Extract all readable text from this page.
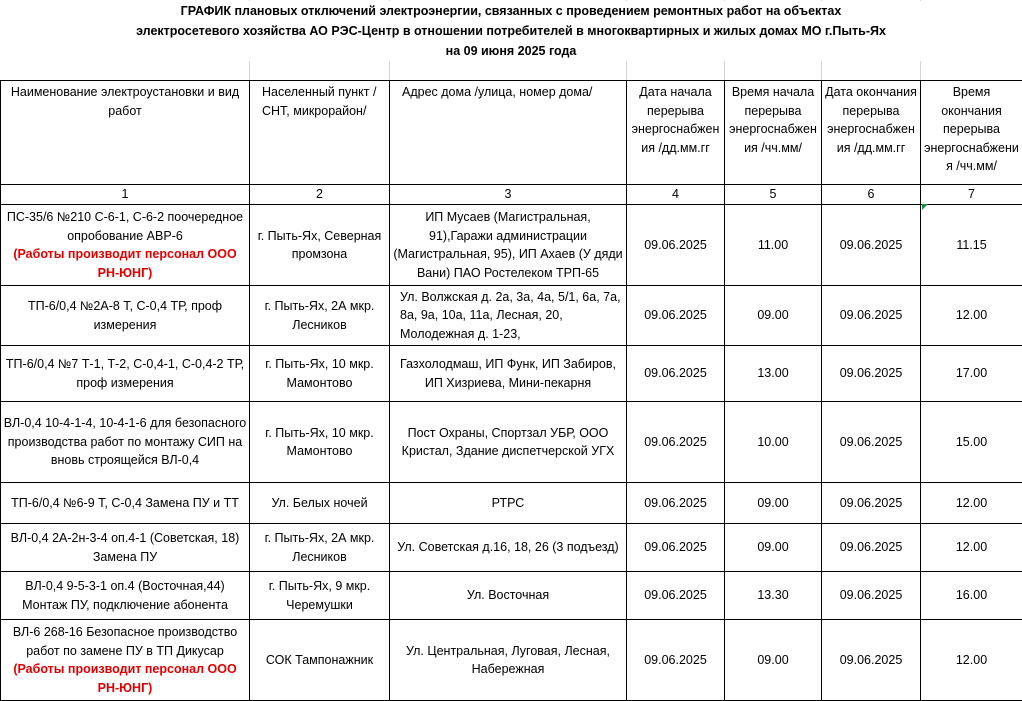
ГРАФИК плановых отключений электроэнергии, связанных с проведением ремонтных работ на объектах
электросетевого хозяйства АО РЭС-Центр в отношении потребителей в многоквартирных и жилых домах МО г.Пыть-Ях
на 09 июня 2025 года
Наименование электроустановки и вид работ	Населенный пункт /СНТ, микрорайон/	Адрес дома /улица, номер дома/	Дата начала перерыва энергоснабжения /дд.мм.гг	Время начала перерыва энергоснабжения /чч.мм/	Дата окончания перерыва энергоснабжения /дд.мм.гг	Время окончания перерыва энергоснабжения /чч.мм/
1	2	3	4	5	6	7
ПС-35/6 №210 С-6-1, С-6-2 поочередное опробование АВР-6
(Работы производит персонал ООО РН-ЮНГ)	г. Пыть-Ях, Северная промзона	ИП Мусаев (Магистральная, 91),Гаражи администрации (Магистральная, 95), ИП Ахаев (У дяди Вани) ПАО Ростелеком ТРП-65	09.06.2025	11.00	09.06.2025	11.15
ТП-6/0,4 №2А-8 Т, С-0,4 ТР, проф измерения	г. Пыть-Ях, 2А мкр. Лесников	Ул. Волжская д. 2а, 3а, 4а, 5/1, 6а, 7а, 8а, 9а, 10а, 11а, Лесная, 20, Молодежная д. 1-23,	09.06.2025	09.00	09.06.2025	12.00
ТП-6/0,4 №7 Т-1, Т-2, С-0,4-1, С-0,4-2 ТР, проф измерения	г. Пыть-Ях, 10 мкр. Мамонтово	Газхолодмаш, ИП Функ, ИП Забиров, ИП Хизриева, Мини-пекарня	09.06.2025	13.00	09.06.2025	17.00
ВЛ-0,4 10-4-1-4, 10-4-1-6 для безопасного производства работ по монтажу СИП на вновь строящейся ВЛ-0,4	г. Пыть-Ях, 10 мкр. Мамонтово	Пост Охраны, Спортзал УБР, ООО Кристал, Здание диспетчерской УГХ	09.06.2025	10.00	09.06.2025	15.00
ТП-6/0,4 №6-9 Т, С-0,4 Замена ПУ и ТТ	Ул. Белых ночей	РТРС	09.06.2025	09.00	09.06.2025	12.00
ВЛ-0,4 2А-2н-3-4 оп.4-1 (Советская, 18) Замена ПУ	г. Пыть-Ях, 2А мкр. Лесников	Ул. Советская д.16, 18, 26 (3 подъезд)	09.06.2025	09.00	09.06.2025	12.00
ВЛ-0,4 9-5-3-1 оп.4 (Восточная,44) Монтаж ПУ, подключение абонента	г. Пыть-Ях, 9 мкр. Черемушки	Ул. Восточная	09.06.2025	13.30	09.06.2025	16.00
ВЛ-6 268-16 Безопасное производство работ по замене ПУ в ТП Дикусар
(Работы производит персонал ООО РН-ЮНГ)	СОК Тампонажник	Ул. Центральная, Луговая, Лесная, Набережная	09.06.2025	09.00	09.06.2025	12.00
